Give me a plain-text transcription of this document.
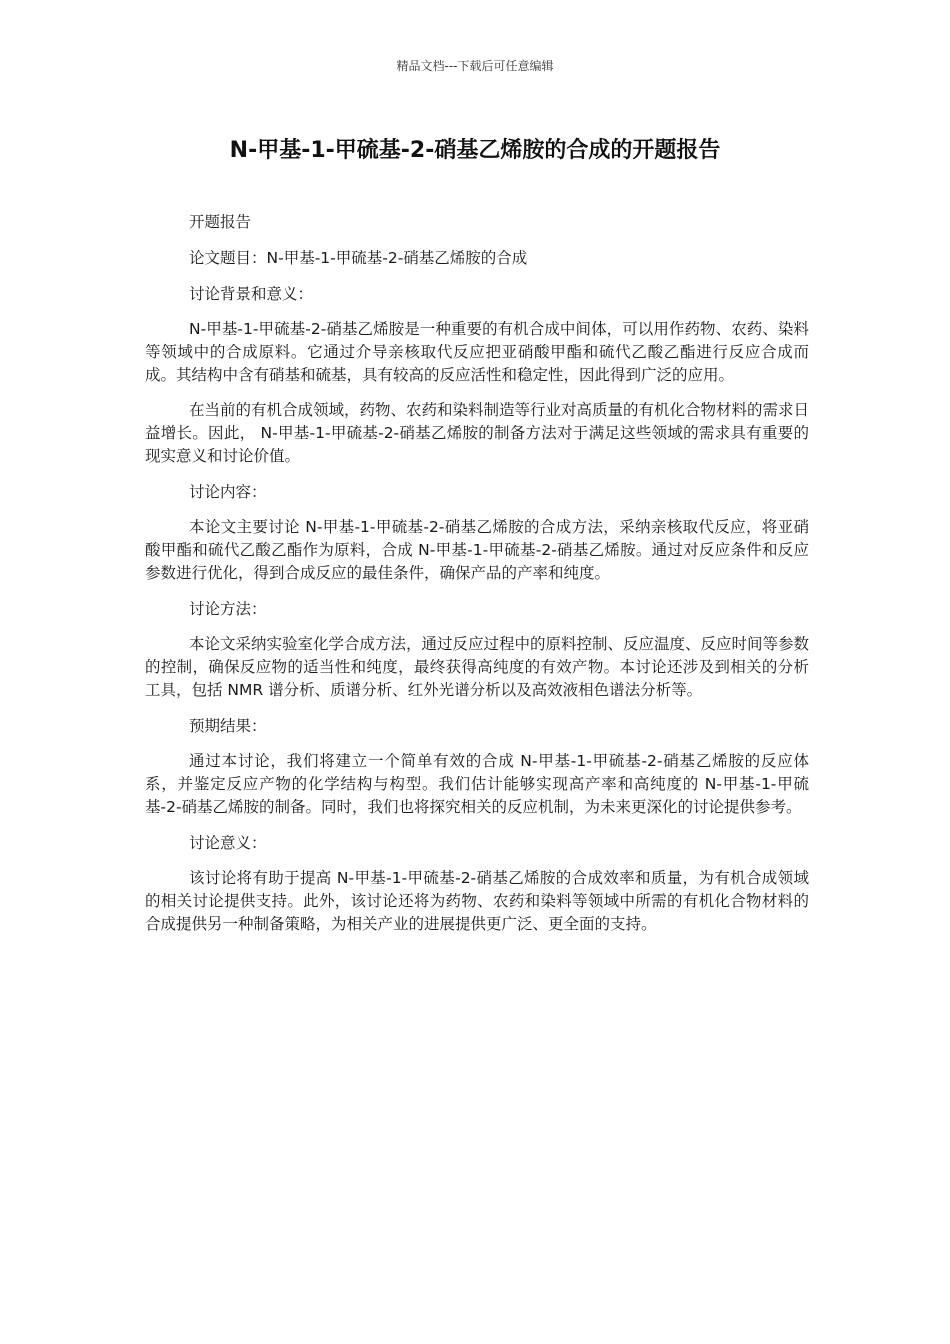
精品文档---下载后可任意编辑
N-甲基-1-甲硫基-2-硝基乙烯胺的合成的开题报告

开题报告

论文题目：N-甲基-1-甲硫基-2-硝基乙烯胺的合成

讨论背景和意义：

N-甲基-1-甲硫基-2-硝基乙烯胺是一种重要的有机合成中间体，可以用作药物、农药、染料等领域中的合成原料。它通过介导亲核取代反应把亚硝酸甲酯和硫代乙酸乙酯进行反应合成而成。其结构中含有硝基和硫基，具有较高的反应活性和稳定性，因此得到广泛的应用。

在当前的有机合成领域，药物、农药和染料制造等行业对高质量的有机化合物材料的需求日益增长。因此， N-甲基-1-甲硫基-2-硝基乙烯胺的制备方法对于满足这些领域的需求具有重要的现实意义和讨论价值。

讨论内容：

本论文主要讨论 N-甲基-1-甲硫基-2-硝基乙烯胺的合成方法，采纳亲核取代反应，将亚硝酸甲酯和硫代乙酸乙酯作为原料，合成 N-甲基-1-甲硫基-2-硝基乙烯胺。通过对反应条件和反应参数进行优化，得到合成反应的最佳条件，确保产品的产率和纯度。

讨论方法：

本论文采纳实验室化学合成方法，通过反应过程中的原料控制、反应温度、反应时间等参数的控制，确保反应物的适当性和纯度，最终获得高纯度的有效产物。本讨论还涉及到相关的分析工具，包括 NMR 谱分析、质谱分析、红外光谱分析以及高效液相色谱法分析等。

预期结果：

通过本讨论，我们将建立一个简单有效的合成 N-甲基-1-甲硫基-2-硝基乙烯胺的反应体系，并鉴定反应产物的化学结构与构型。我们估计能够实现高产率和高纯度的 N-甲基-1-甲硫基-2-硝基乙烯胺的制备。同时，我们也将探究相关的反应机制，为未来更深化的讨论提供参考。

讨论意义：

该讨论将有助于提高 N-甲基-1-甲硫基-2-硝基乙烯胺的合成效率和质量，为有机合成领域的相关讨论提供支持。此外，该讨论还将为药物、农药和染料等领域中所需的有机化合物材料的合成提供另一种制备策略，为相关产业的进展提供更广泛、更全面的支持。
